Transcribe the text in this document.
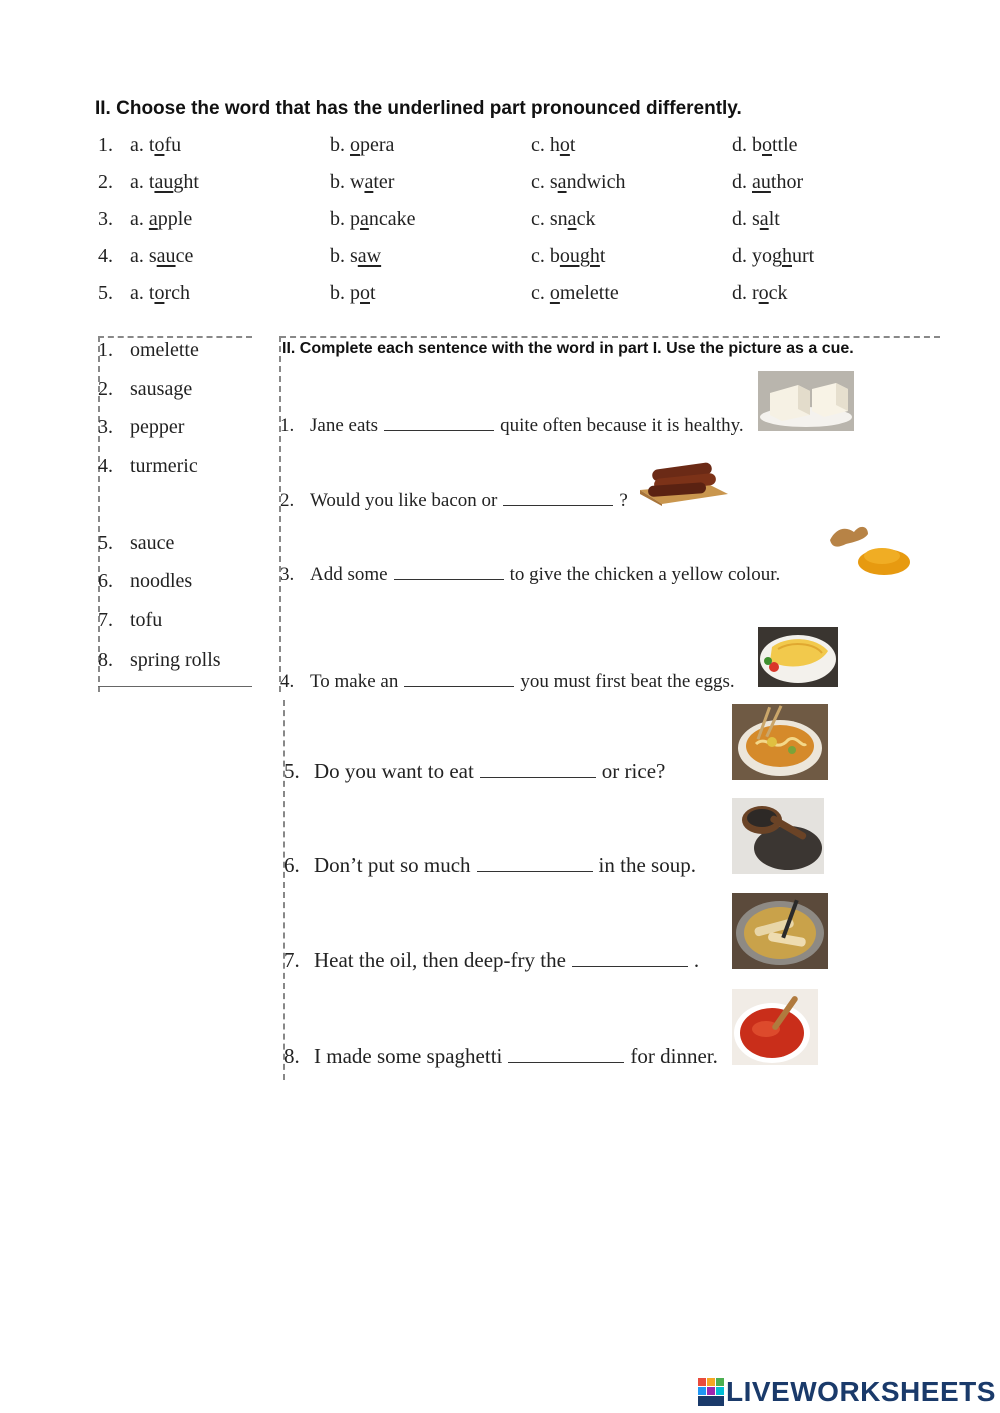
II. Choose the word that has the underlined part pronounced differently.
1. a. tofu	b. opera	c. hot	d. bottle
2. a. taught	b. water	c. sandwich	d. author
3. a. apple	b. pancake	c. snack	d. salt
4. a. sauce	b. saw	c. bought	d. yoghurt
5. a. torch	b. pot	c. omelette	d. rock
1. omelette
2. sausage
3. pepper
4. turmeric
5. sauce
6. noodles
7. tofu
8. spring rolls
II. Complete each sentence with the word in part I. Use the picture as a cue.
1. Jane eats	quite often because it is healthy.
2. Would you like bacon or	?
3. Add some	to give the chicken a yellow colour.
4. To make an	you must first beat the eggs.
5. Do you want to eat	or rice?
6. Don’t put so much	in the soup.
7. Heat the oil, then deep-fry the	.
8. I made some spaghetti	for dinner.
LIVEWORKSHEETS
